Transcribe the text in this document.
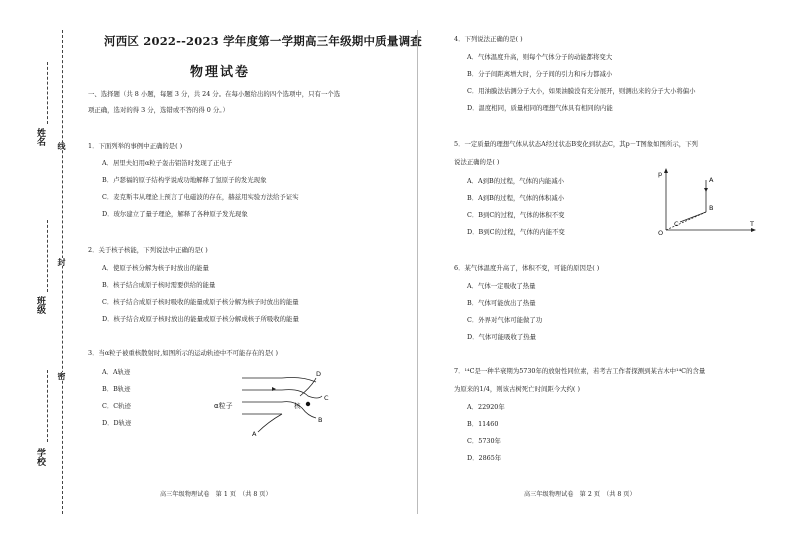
姓名
班级
学校
线
封
密
河西区 2022--2023 学年度第一学期高三年级期中质量调查
物理试卷
一、选择题（共 8 小题，每题 3 分，共 24 分。在每小题给出的四个选项中，只有一个选
项正确，选对的得 3 分，选错或不答的得 0 分。）
1．下面列举的事例中正确的是( )
A．居里夫妇用α粒子轰击铝箔时发现了正电子
B．卢瑟福的原子结构学说成功地解释了氢原子的发光现象
C．麦克斯韦从理论上预言了电磁波的存在，赫兹用实验方法给予证实
D．玻尔建立了量子理论，解释了各种原子发光现象
2．关于核子核能，下列说法中正确的是( )
A．使原子核分解为核子时放出的能量
B．核子结合成原子核时需要供给的能量
C．核子结合成原子核时吸收的能量或原子核分解为核子时放出的能量
D．核子结合成原子核时放出的能量或原子核分解成核子所吸收的能量
3．当α粒子被重核散射时,如图所示的运动轨迹中不可能存在的是( )
A．A轨迹
B．B轨迹
C．C轨迹
D．D轨迹
α粒子	核
A
B
C
D
高三年级物理试卷　第 1 页　（共 8 页）
4．下列说法正确的是( )
A．气体温度升高，则每个气体分子的动能都将变大
B．分子间距离增大时，分子间的引力和斥力都减小
C．用油膜法估测分子大小，如果油膜没有充分展开，则测出来的分子大小将偏小
D．温度相同，质量相同的理想气体具有相同的内能
5．一定质量的理想气体从状态A经过状态B变化到状态C，其p－T图象如图所示，下列
说法正确的是( )
A．A到B的过程，气体的内能减小
B．A到B的过程，气体的体积减小
C．B到C的过程，气体的体积不变
D．B到C的过程，气体的内能不变
p
T
O
A
B
C
6．某气体温度升高了，体积不变，可能的原因是( )
A．气体一定吸收了热量
B．气体可能放出了热量
C．外界对气体可能做了功
D．气体可能吸收了热量
7．¹⁴C是一种半衰期为5730年的放射性同位素，若考古工作者探测到某古木中¹⁴C的含量
为原来的1/4，则该古树死亡时间距今大约( )
A．22920年
B．11460
C．5730年
D．2865年
高三年级物理试卷　第 2 页　（共 8 页）
